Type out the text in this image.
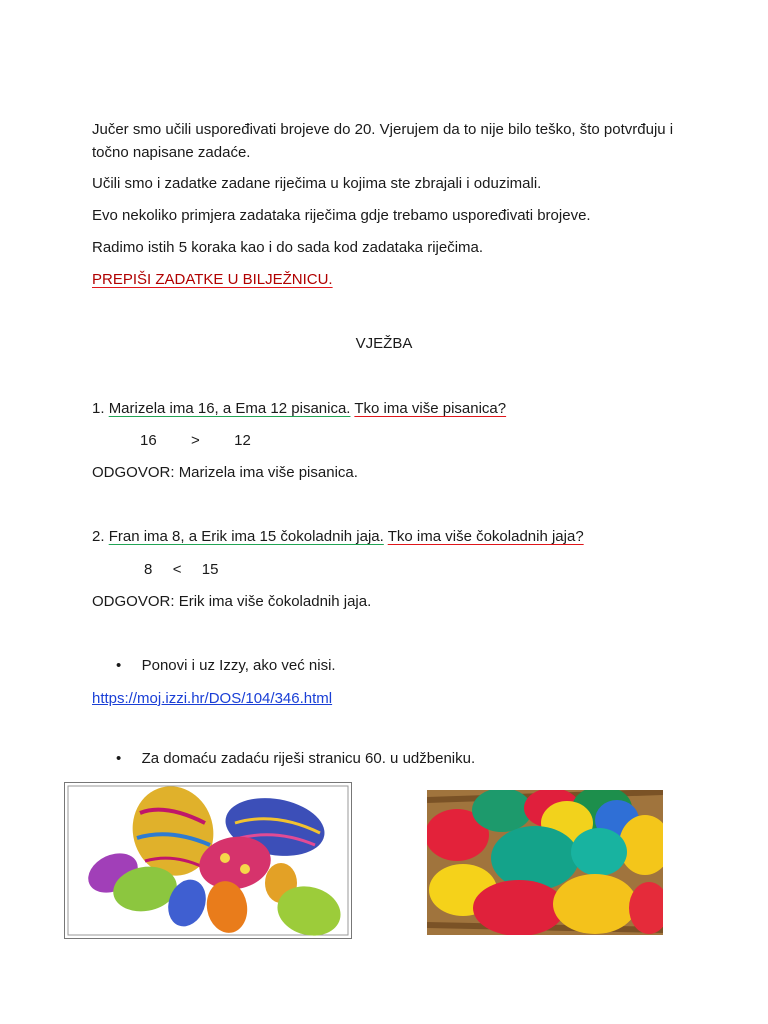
Jučer smo učili uspoređivati brojeve do 20. Vjerujem da to nije bilo teško, što potvrđuju i točno napisane zadaće.
Učili smo i zadatke zadane riječima u kojima ste zbrajali i oduzimali.
Evo nekoliko primjera zadataka riječima gdje trebamo uspoređivati brojeve.
Radimo istih 5 koraka kao i do sada kod zadataka riječima.
PREPIŠI ZADATKE U BILJEŽNICU.
VJEŽBA
1. Marizela ima 16, a Ema 12 pisanica. Tko ima više pisanica?
16 > 12
ODGOVOR: Marizela ima više pisanica.
2. Fran ima 8, a Erik ima 15 čokoladnih jaja. Tko ima više čokoladnih jaja?
8 < 15
ODGOVOR: Erik ima više čokoladnih jaja.
• Ponovi i uz Izzy, ako već nisi.
https://moj.izzi.hr/DOS/104/346.html
• Za domaću zadaću riješi stranicu 60. u udžbeniku.
